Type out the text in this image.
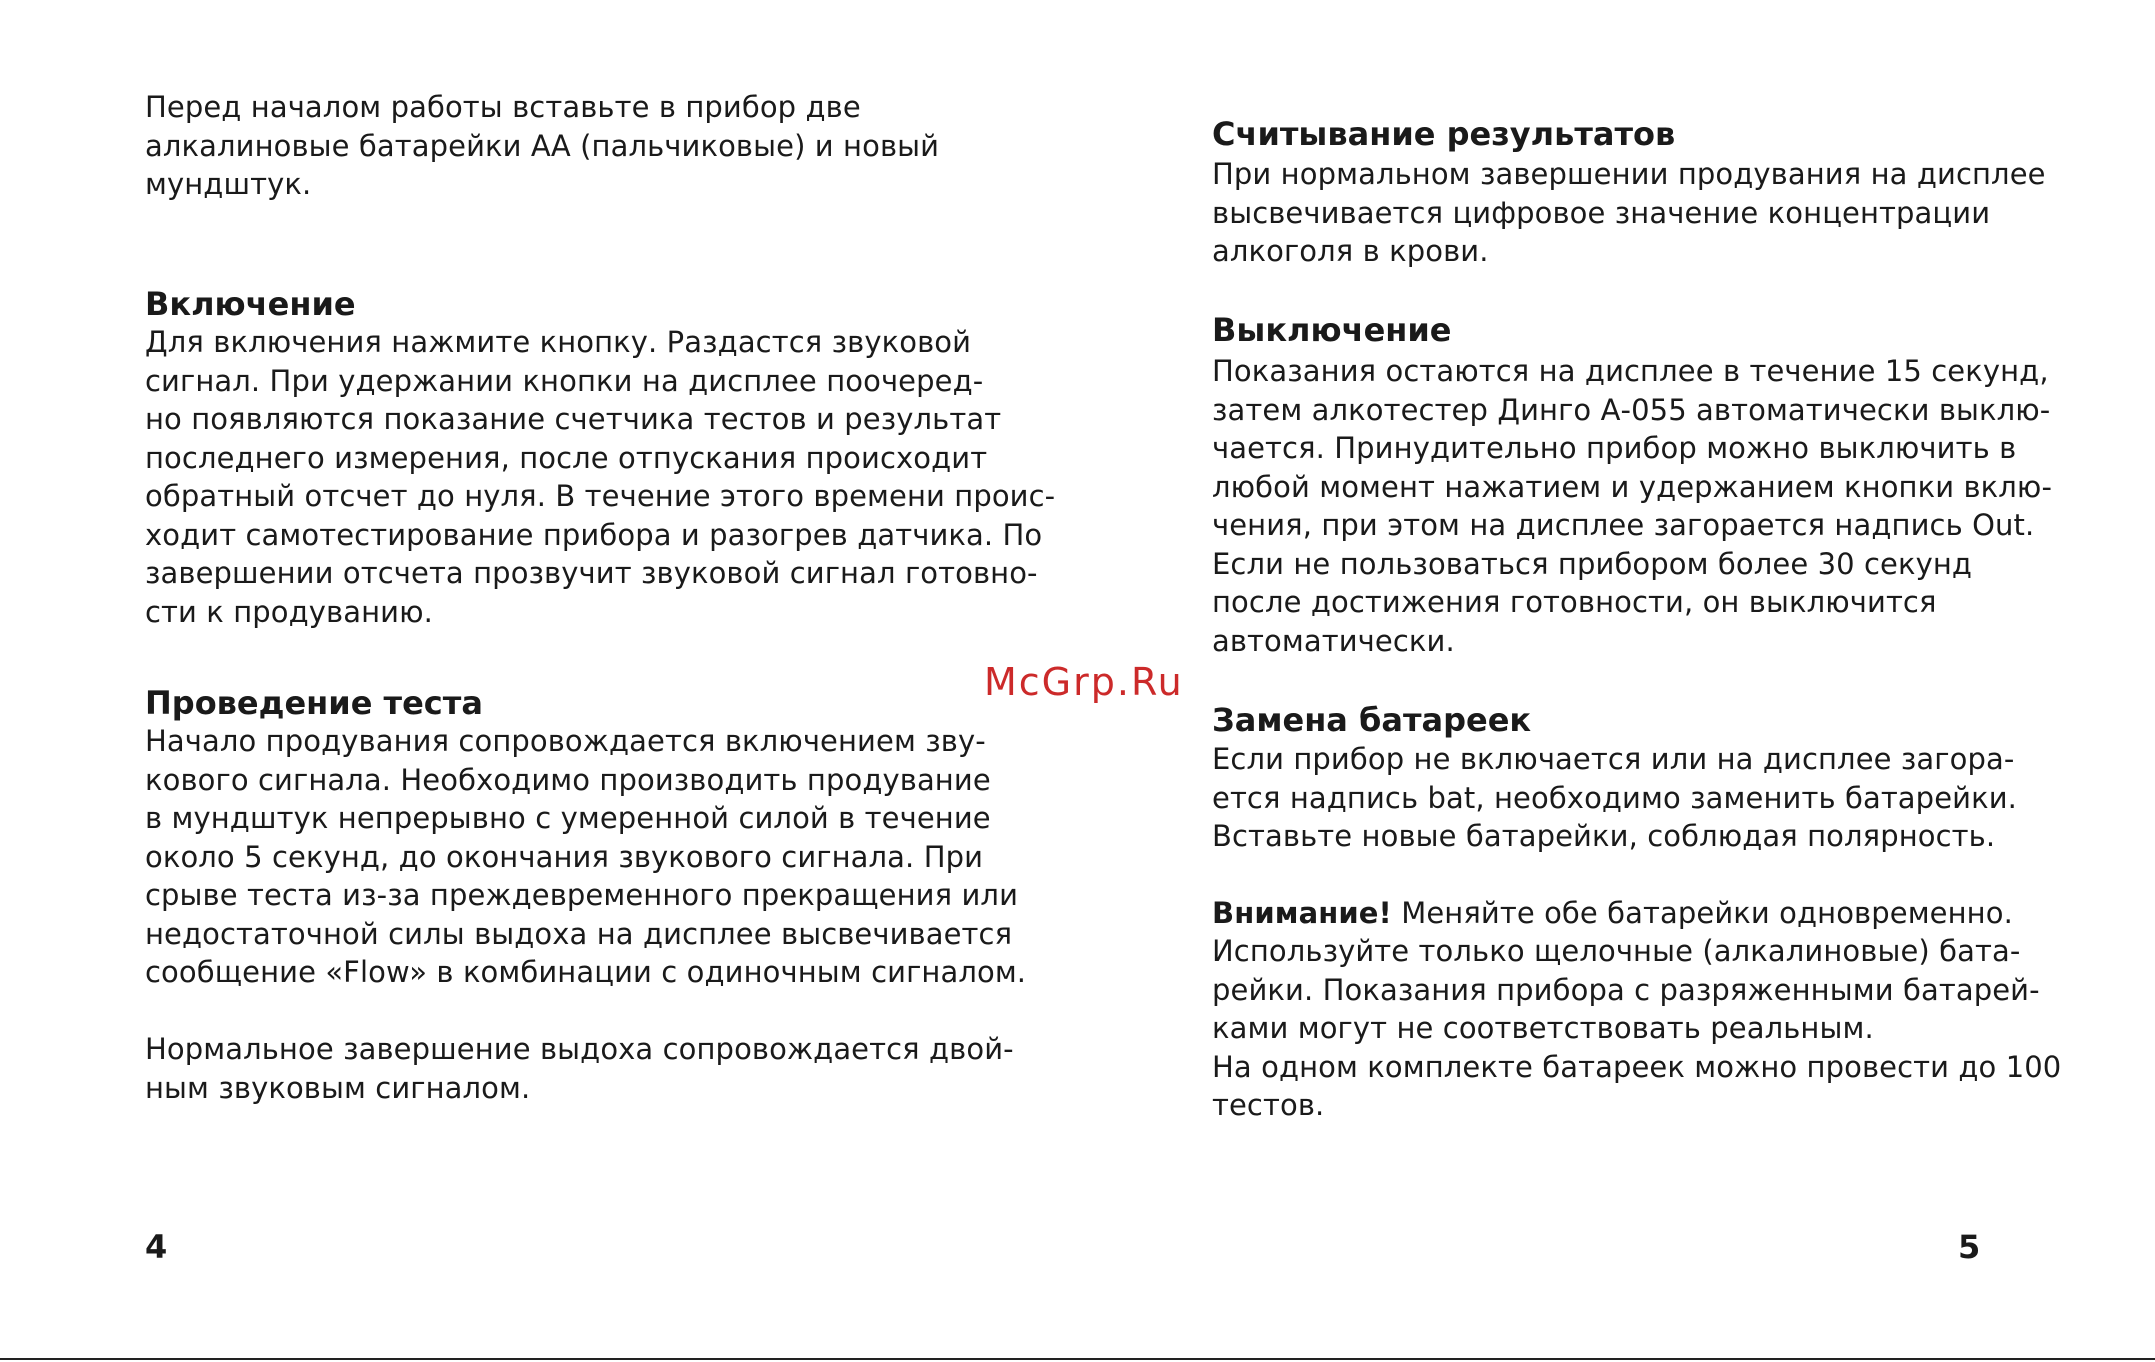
Перед началом работы вставьте в прибор две
алкалиновые батарейки АА (пальчиковые) и новый
мундштук.

Включение

Для включения нажмите кнопку. Раздастся звуковой
сигнал. При удержании кнопки на дисплее поочеред-
но появляются показание счетчика тестов и результат
последнего измерения, после отпускания происходит
обратный отсчет до нуля. В течение этого времени проис-
ходит самотестирование прибора и разогрев датчика. По
завершении отсчета прозвучит звуковой сигнал готовно-
сти к продуванию.

Проведение теста

Начало продувания сопровождается включением зву-
кового сигнала. Необходимо производить продувание
в мундштук непрерывно с умеренной силой в течение
около 5 секунд, до окончания звукового сигнала. При
срыве теста из-за преждевременного прекращения или
недостаточной силы выдоха на дисплее высвечивается
сообщение «Flow» в комбинации с одиночным сигналом.

Нормальное завершение выдоха сопровождается двой-
ным звуковым сигналом.

4
Считывание результатов

При нормальном завершении продувания на дисплее
высвечивается цифровое значение концентрации
алкоголя в крови.

Выключение

Показания остаются на дисплее в течение 15 секунд,
затем алкотестер Динго А-055 автоматически выклю-
чается. Принудительно прибор можно выключить в
любой момент нажатием и удержанием кнопки вклю-
чения, при этом на дисплее загорается надпись Out.
Если не пользоваться прибором более 30 секунд
после достижения готовности, он выключится
автоматически.

Замена батареек

Если прибор не включается или на дисплее загора-
ется надпись bat, необходимо заменить батарейки.
Вставьте новые батарейки, соблюдая полярность.

Внимание! Меняйте обе батарейки одновременно.

Используйте только щелочные (алкалиновые) бата-
рейки. Показания прибора с разряженными батарей-
ками могут не соответствовать реальным.
На одном комплекте батареек можно провести до 100
тестов.

5
McGrp.Ru
